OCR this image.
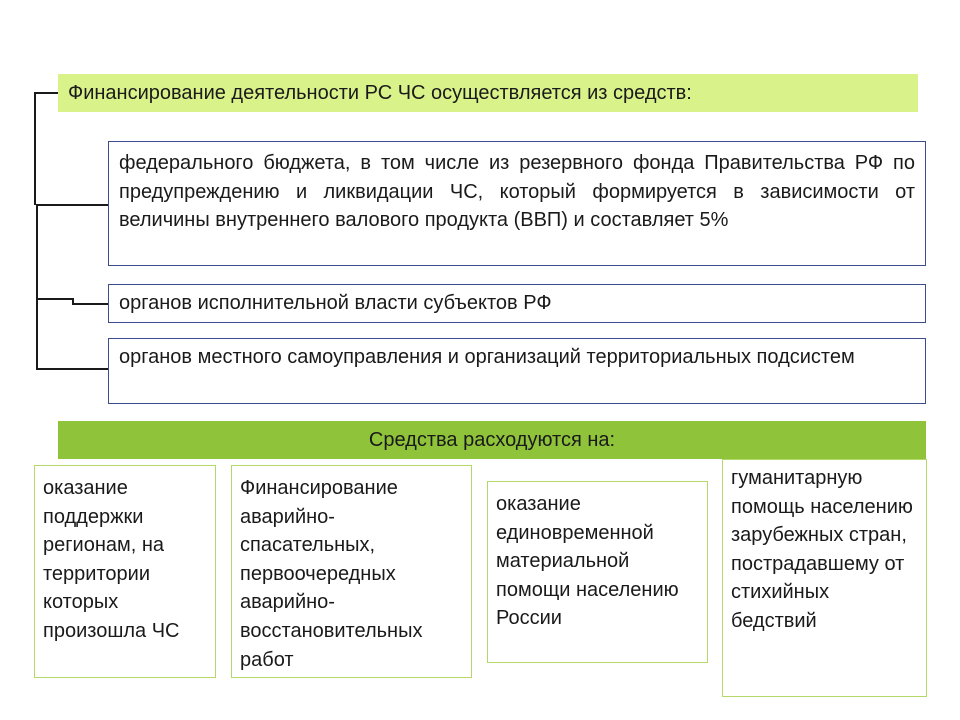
Финансирование деятельности РС ЧС осуществляется из средств:
федерального бюджета, в том числе из резервного фонда Правительства РФ по предупреждению и ликвидации ЧС, который формируется в зависимости от величины внутреннего валового продукта (ВВП) и составляет 5%
органов исполнительной власти субъектов РФ
органов местного самоуправления и организаций территориальных подсистем
Средства расходуются на:
оказание поддержки регионам, на территории которых произошла ЧС
Финансирование аварийно-спасательных, первоочередных аварийно-восстановительных работ
оказание единовременной материальной помощи населению России
гуманитарную помощь населению зарубежных стран, пострадавшему от стихийных бедствий
